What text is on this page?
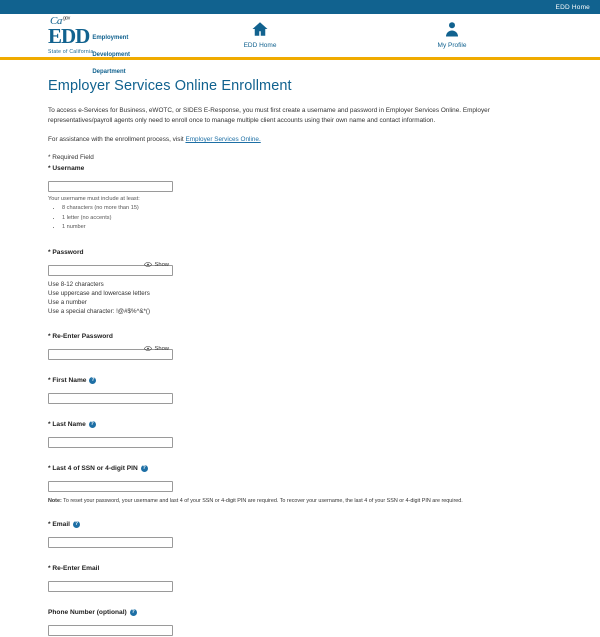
EDD Home
$Ca^{.gov}$
EDD Employment
Development
Department
State of California
EDD Home	My Profile
Employer Services Online Enrollment

To access e-Services for Business, eWOTC, or SIDES E-Response, you must first create a username and password in Employer Services Online. Employer representatives/payroll agents only need to enroll once to manage multiple client accounts using their own name and contact information.

For assistance with the enrollment process, visit Employer Services Online.

* Required Field

* Username
Your username must include at least:
• 8 characters (no more than 15)
• 1 letter (no accents)
• 1 number
* Password
Show
Use 8-12 characters
Use uppercase and lowercase letters
Use a number
Use a special character: !@#$%^&*()
* Re-Enter Password
Show
* First Name ?
* Last Name ?
* Last 4 of SSN or 4-digit PIN ?
Note: To reset your password, your username and last 4 of your SSN or 4-digit PIN are required. To recover your username, the last 4 of your SSN or 4-digit PIN are required.
* Email ?
* Re-Enter Email
Phone Number (optional) ?
